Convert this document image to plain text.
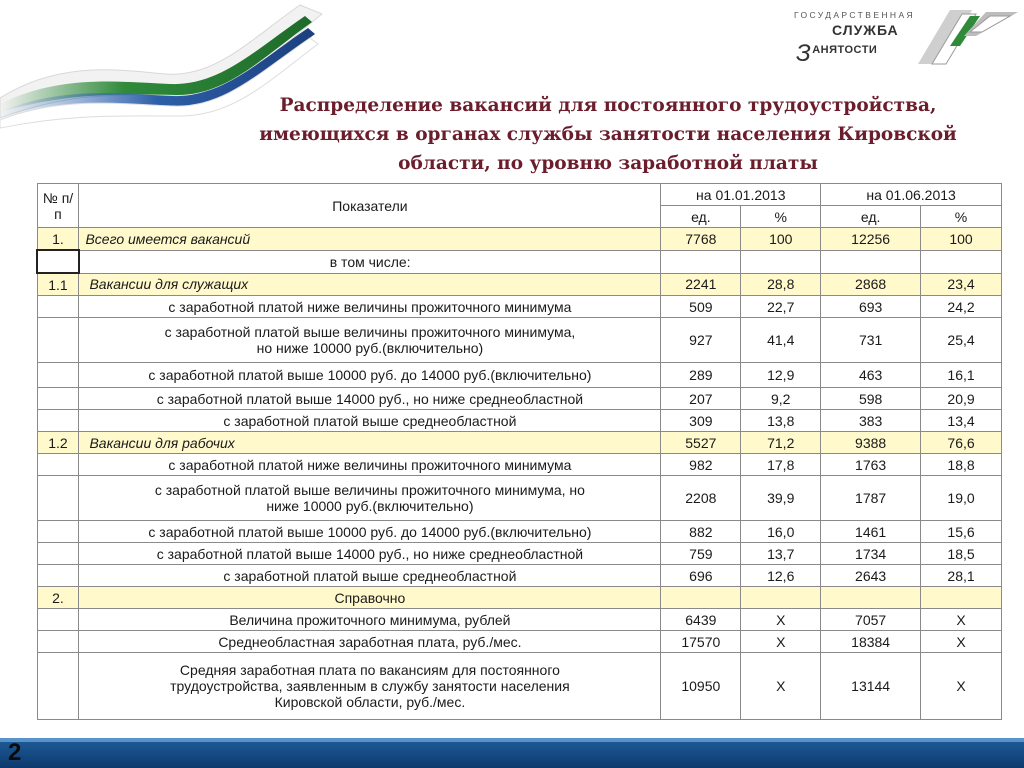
ГОСУДАРСТВЕННАЯ
СЛУЖБА
ЗАНЯТОСТИ
Распределение вакансий для постоянного трудоустройства,
имеющихся в органах службы занятости населения Кировской
области, по уровню заработной платы
№ п/п	Показатели	на 01.01.2013		на 01.06.2013	
		ед.	%	ед.	%
1.	Всего имеется вакансий	7768	100	12256	100
	в том числе:				
1.1	Вакансии для служащих	2241	28,8	2868	23,4
	с заработной платой ниже величины прожиточного минимума	509	22,7	693	24,2

	с заработной платой выше величины прожиточного минимума,
но ниже 10000 руб.(включительно)	927	41,4	731	25,4
	с заработной платой выше 10000 руб. до 14000 руб.(включительно)	289	12,9	463	16,1
	с заработной платой выше 14000 руб., но ниже среднеобластной	207	9,2	598	20,9
	с заработной платой выше среднеобластной	309	13,8	383	13,4
1.2	Вакансии для рабочих	5527	71,2	9388	76,6
	с заработной платой ниже величины прожиточного минимума	982	17,8	1763	18,8

	с заработной платой выше величины прожиточного минимума, но
ниже 10000 руб.(включительно)	2208	39,9	1787	19,0
	с заработной платой выше 10000 руб. до 14000 руб.(включительно)	882	16,0	1461	15,6
	с заработной платой выше 14000 руб., но ниже среднеобластной	759	13,7	1734	18,5
	с заработной платой выше среднеобластной	696	12,6	2643	28,1
2.	Справочно				
	Величина прожиточного минимума, рублей	6439	Х	7057	Х
	Среднеобластная заработная плата, руб./мес.	17570	Х	18384	Х

	Средняя заработная плата по вакансиям для постоянного
трудоустройства, заявленным в службу занятости населения
Кировской области, руб./мес.	10950	Х	13144	Х
2
